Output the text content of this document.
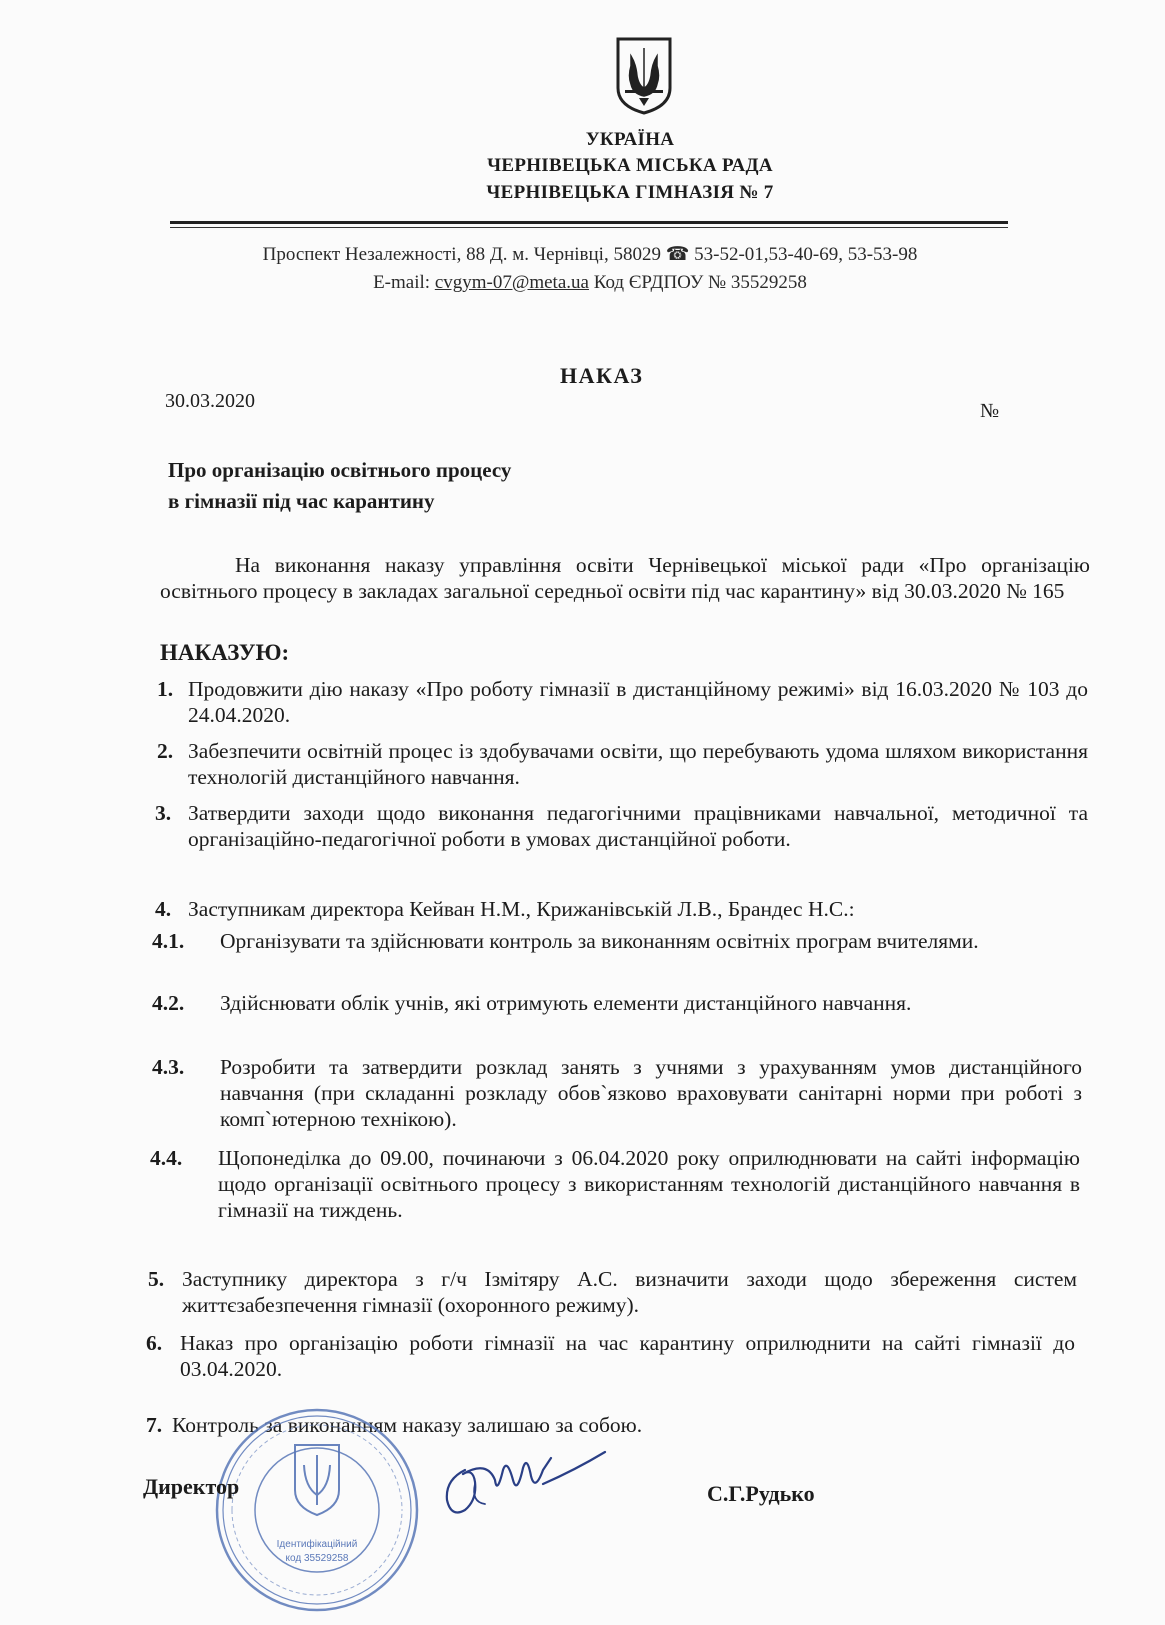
УКРАЇНА
ЧЕРНІВЕЦЬКА МІСЬКА РАДА
ЧЕРНІВЕЦЬКА ГІМНАЗІЯ № 7
Проспект Незалежності, 88 Д. м. Чернівці, 58029 ☎ 53-52-01,53-40-69, 53-53-98
E-mail: cvgym-07@meta.ua Код ЄРДПОУ № 35529258
НАКАЗ
30.03.2020	№
Про організацію освітнього процесу
в гімназії під час карантину
На виконання наказу управління освіти Чернівецької міської ради «Про організацію освітнього процесу в закладах загальної середньої освіти під час карантину» від 30.03.2020 № 165
НАКАЗУЮ:
1. Продовжити дію наказу «Про роботу гімназії в дистанційному режимі» від 16.03.2020 № 103 до 24.04.2020.
2. Забезпечити освітній процес із здобувачами освіти, що перебувають удома шляхом використання технологій дистанційного навчання.
3. Затвердити заходи щодо виконання педагогічними працівниками навчальної, методичної та організаційно-педагогічної роботи в умовах дистанційної роботи.
4. Заступникам директора Кейван Н.М., Крижанівській Л.В., Брандес Н.С.:
4.1. Організувати та здійснювати контроль за виконанням освітніх програм вчителями.
4.2. Здійснювати облік учнів, які отримують елементи дистанційного навчання.
4.3. Розробити та затвердити розклад занять з учнями з урахуванням умов дистанційного навчання (при складанні розкладу обов`язково враховувати санітарні норми при роботі з комп`ютерною технікою).
4.4. Щопонеділка до 09.00, починаючи з 06.04.2020 року оприлюднювати на сайті інформацію щодо організації освітнього процесу з використанням технологій дистанційного навчання в гімназії на тиждень.
5. Заступнику директора з г/ч Ізмітяру А.С. визначити заходи щодо збереження систем життєзабезпечення гімназії (охоронного режиму).
6. Наказ про організацію роботи гімназії на час карантину оприлюднити на сайті гімназії до 03.04.2020.
7. Контроль за виконанням наказу залишаю за собою.
Ідентифікаційний
код 35529258
Директор	С.Г.Рудько
